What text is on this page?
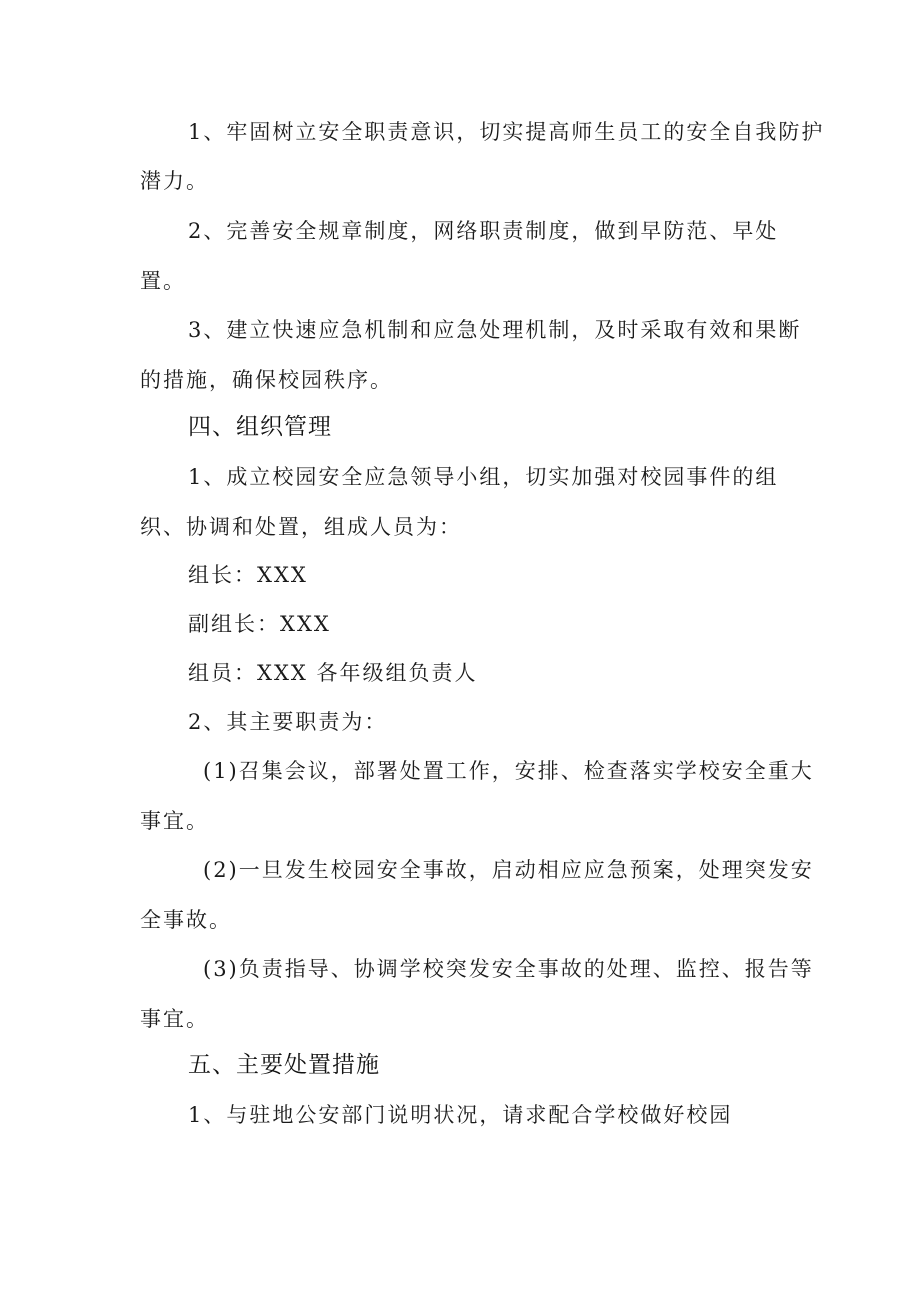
1、牢固树立安全职责意识，切实提高师生员工的安全自我防护
潜力。
2、完善安全规章制度，网络职责制度，做到早防范、早处
置。
3、建立快速应急机制和应急处理机制，及时采取有效和果断
的措施，确保校园秩序。
四、组织管理
1、成立校园安全应急领导小组，切实加强对校园事件的组
织、协调和处置，组成人员为：
组长：XXX
副组长：XXX
组员：XXX 各年级组负责人
2、其主要职责为：
(1)召集会议，部署处置工作，安排、检查落实学校安全重大
事宜。
(2)一旦发生校园安全事故，启动相应应急预案，处理突发安
全事故。
(3)负责指导、协调学校突发安全事故的处理、监控、报告等
事宜。
五、主要处置措施
1、与驻地公安部门说明状况，请求配合学校做好校园
